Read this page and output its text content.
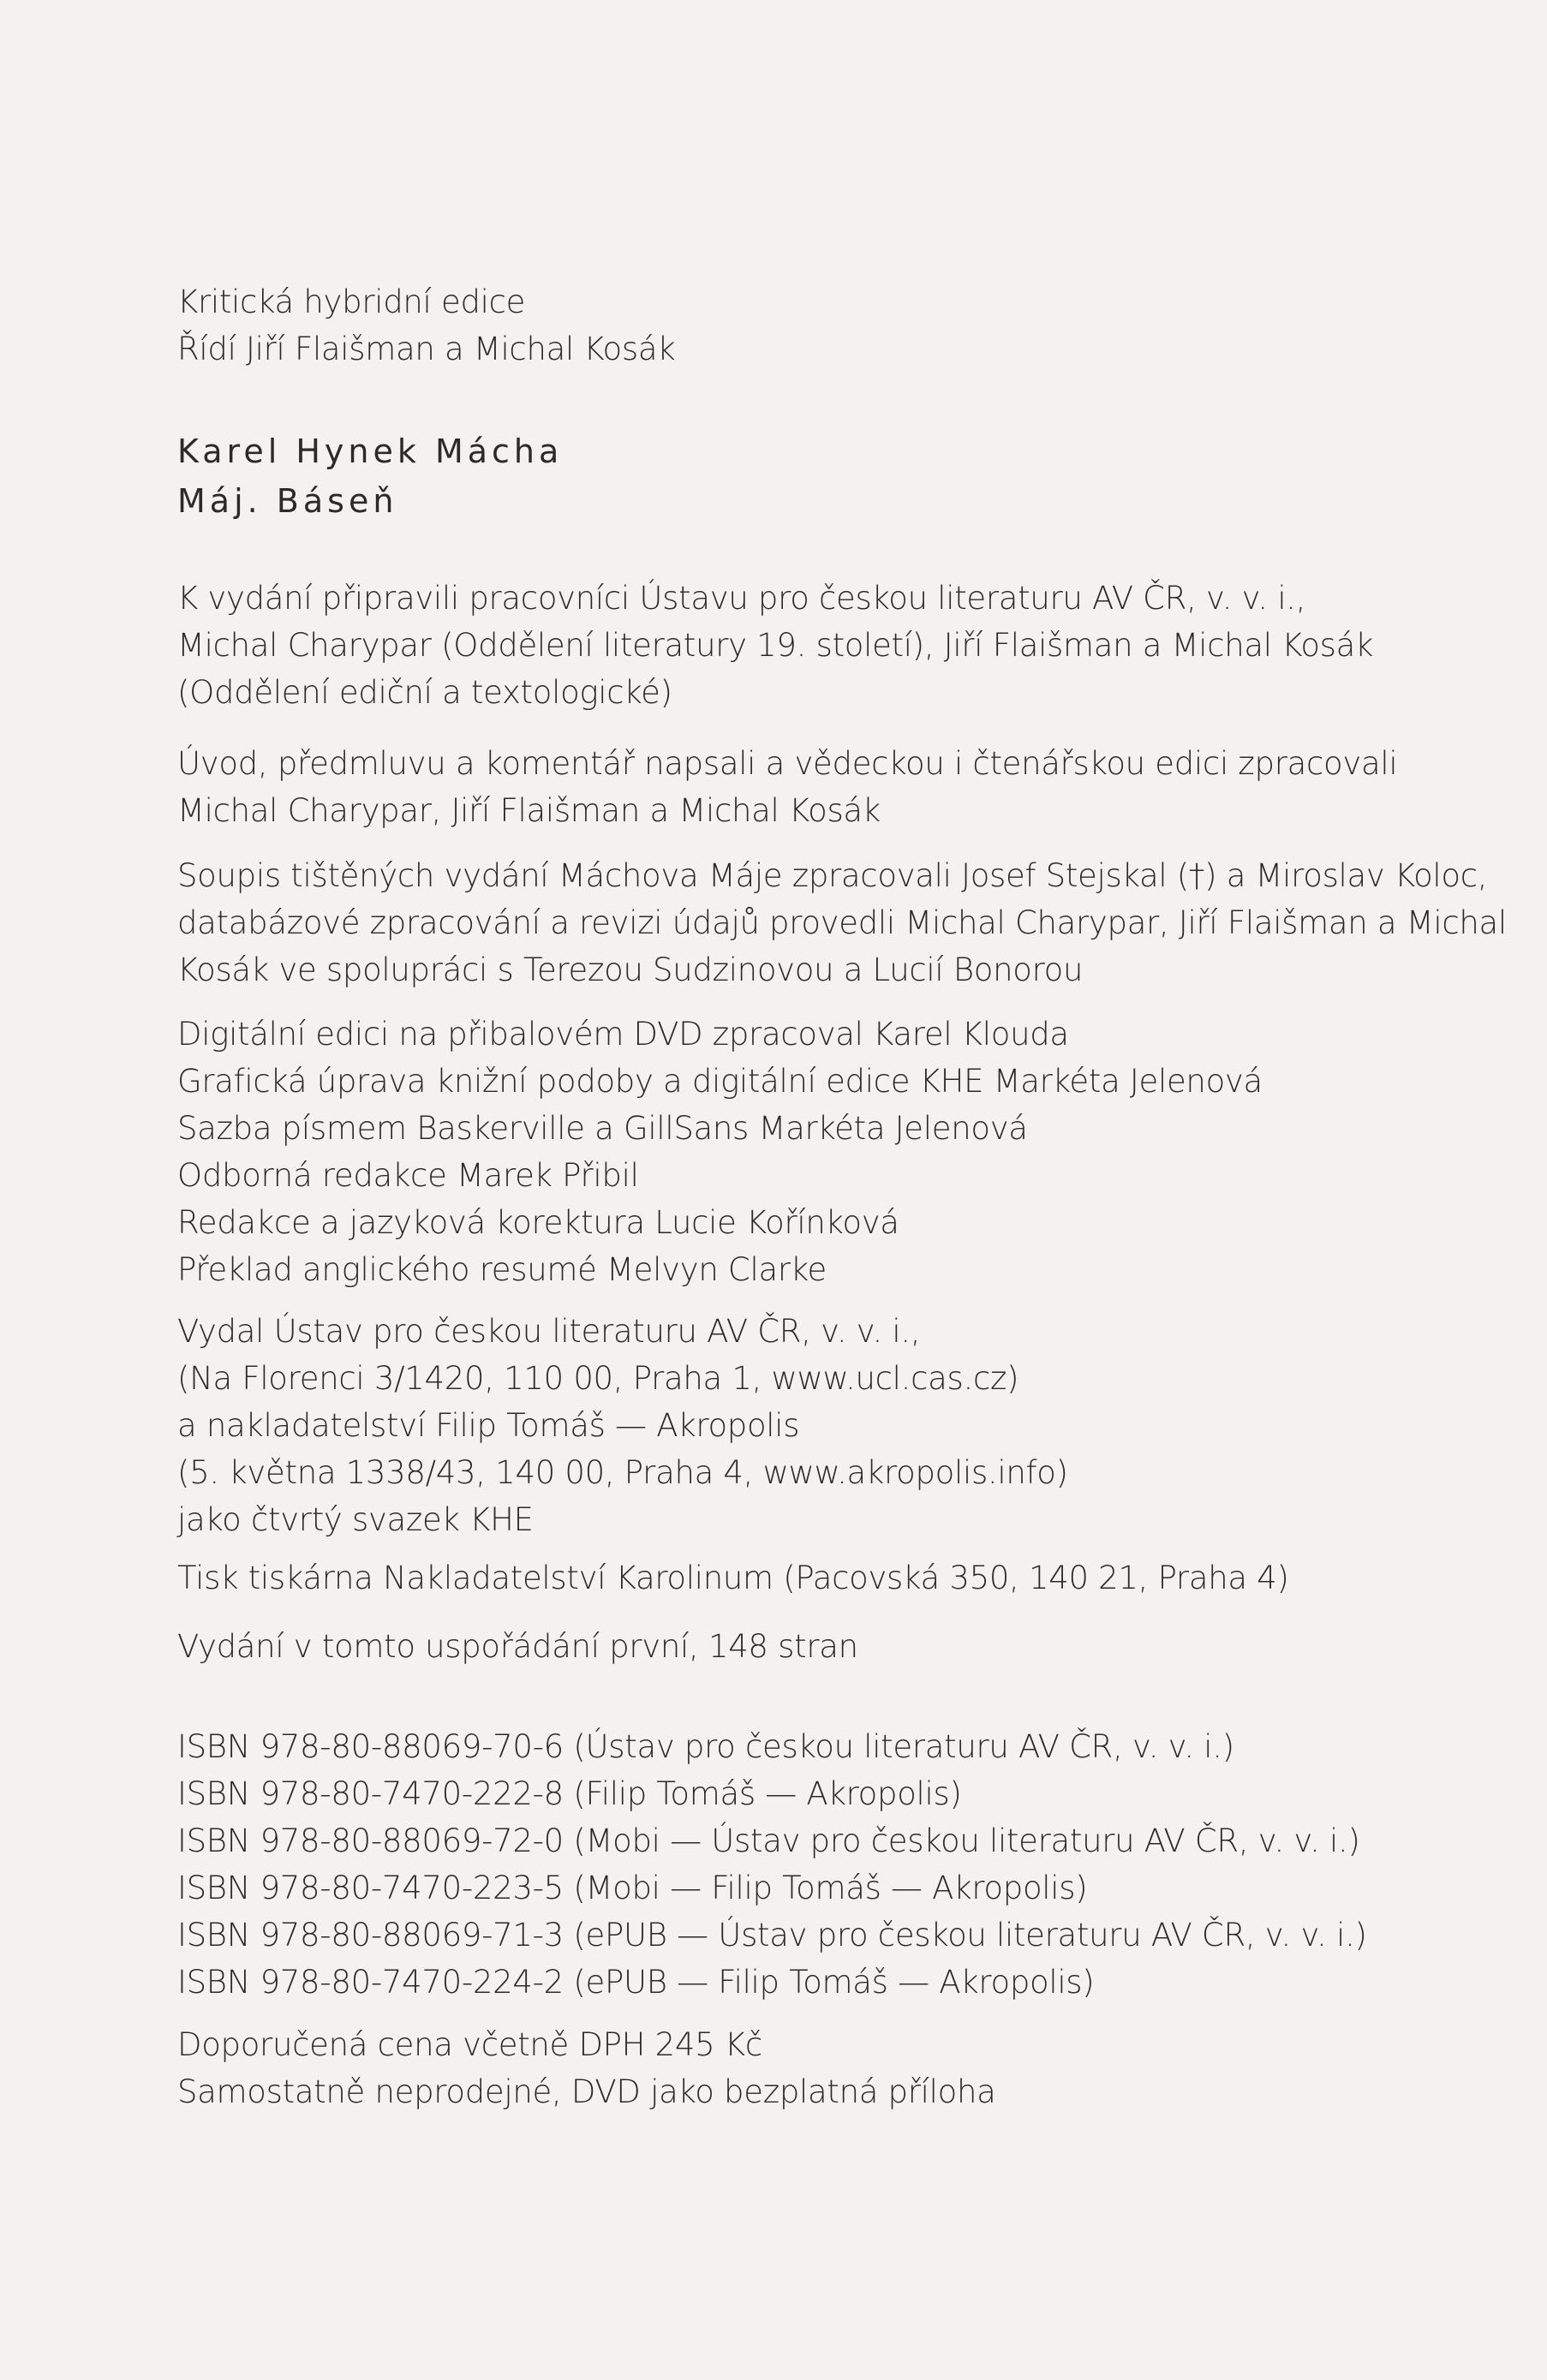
Kritická hybridní edice
Řídí Jiří Flaišman a Michal Kosák
Karel Hynek Mácha
Máj. Báseň
K vydání připravili pracovníci Ústavu pro českou literaturu AV ČR, v. v. i.,
Michal Charypar (Oddělení literatury 19. století), Jiří Flaišman a Michal Kosák
(Oddělení ediční a textologické)
Úvod, předmluvu a komentář napsali a vědeckou i čtenářskou edici zpracovali
Michal Charypar, Jiří Flaišman a Michal Kosák
Soupis tištěných vydání Máchova Máje zpracovali Josef Stejskal (†) a Miroslav Koloc,
databázové zpracování a revizi údajů provedli Michal Charypar, Jiří Flaišman a Michal
Kosák ve spolupráci s Terezou Sudzinovou a Lucií Bonorou
Digitální edici na přibalovém DVD zpracoval Karel Klouda
Grafická úprava knižní podoby a digitální edice KHE Markéta Jelenová
Sazba písmem Baskerville a GillSans Markéta Jelenová
Odborná redakce Marek Přibil
Redakce a jazyková korektura Lucie Kořínková
Překlad anglického resumé Melvyn Clarke
Vydal Ústav pro českou literaturu AV ČR, v. v. i.,
(Na Florenci 3/1420, 110 00, Praha 1, www.ucl.cas.cz)
a nakladatelství Filip Tomáš — Akropolis
(5. května 1338/43, 140 00, Praha 4, www.akropolis.info)
jako čtvrtý svazek KHE
Tisk tiskárna Nakladatelství Karolinum (Pacovská 350, 140 21, Praha 4)
Vydání v tomto uspořádání první, 148 stran
ISBN 978-80-88069-70-6 (Ústav pro českou literaturu AV ČR, v. v. i.)
ISBN 978-80-7470-222-8 (Filip Tomáš — Akropolis)
ISBN 978-80-88069-72-0 (Mobi — Ústav pro českou literaturu AV ČR, v. v. i.)
ISBN 978-80-7470-223-5 (Mobi — Filip Tomáš — Akropolis)
ISBN 978-80-88069-71-3 (ePUB — Ústav pro českou literaturu AV ČR, v. v. i.)
ISBN 978-80-7470-224-2 (ePUB — Filip Tomáš — Akropolis)
Doporučená cena včetně DPH 245 Kč
Samostatně neprodejné, DVD jako bezplatná příloha
